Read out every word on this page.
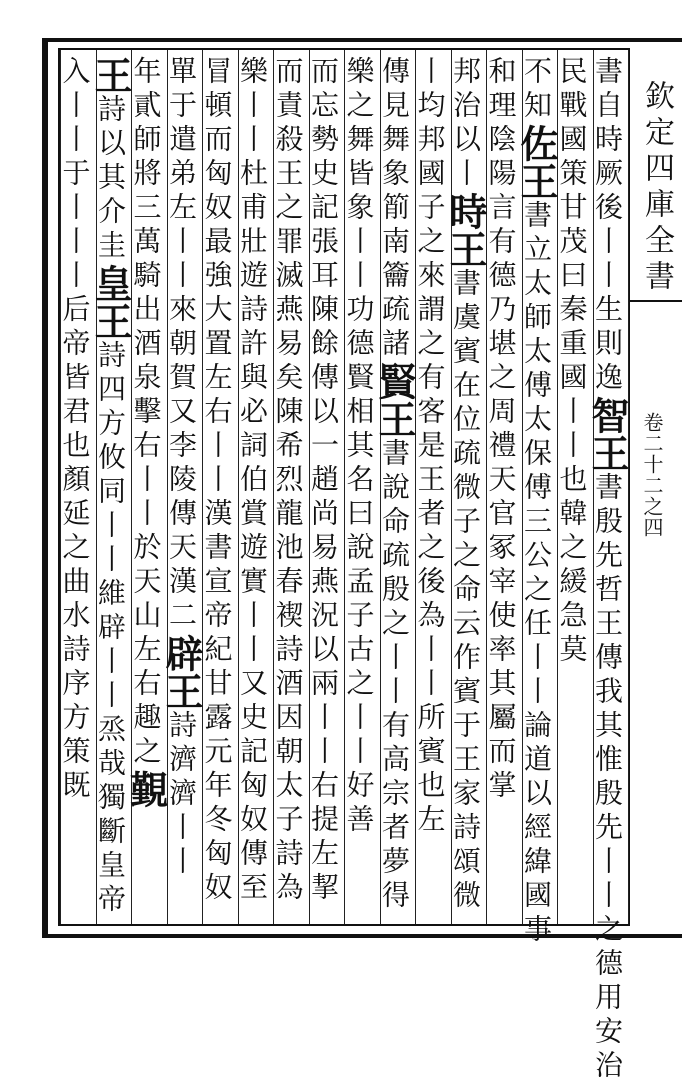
欽定四庫全書
卷二十二之四
書自時厥後丨丨生則逸智王書殷先哲王傳我其惟殷先丨丨之德用安治
民戰國策甘茂曰秦重國丨丨也韓之緩急莫
不知佐王書立太師太傅太保傅三公之任丨丨論道以經緯國事
和理陰陽言有德乃堪之周禮天官冢宰使率其屬而掌
邦治以丨時王書虞賓在位疏微子之命云作賓于王家詩頌微
丨均邦國子之來謂之有客是王者之後為丨丨所賓也左
傳見舞象箾南籥疏諸賢王書說命疏殷之丨丨有高宗者夢得
樂之舞皆象丨丨功德賢相其名曰說孟子古之丨丨好善
而忘勢史記張耳陳餘傳以一趙尚易燕況以兩丨丨右提左挈
而責殺王之罪滅燕易矣陳希烈龍池春褉詩酒因朝太子詩為
樂丨丨杜甫壯遊詩許與必詞伯賞遊實丨丨又史記匈奴傳至
冒頓而匈奴最強大置左右丨丨漢書宣帝紀甘露元年冬匈奴
單于遣弟左丨丨來朝賀又李陵傳天漢二辟王詩濟濟丨丨
年貳師將三萬騎出酒泉擊右丨丨於天山左右趣之覲
王詩以其介圭皇王詩四方攸同丨丨維辟丨丨烝哉獨斷皇帝
入丨丨于丨丨丨后帝皆君也顏延之曲水詩序方策既
